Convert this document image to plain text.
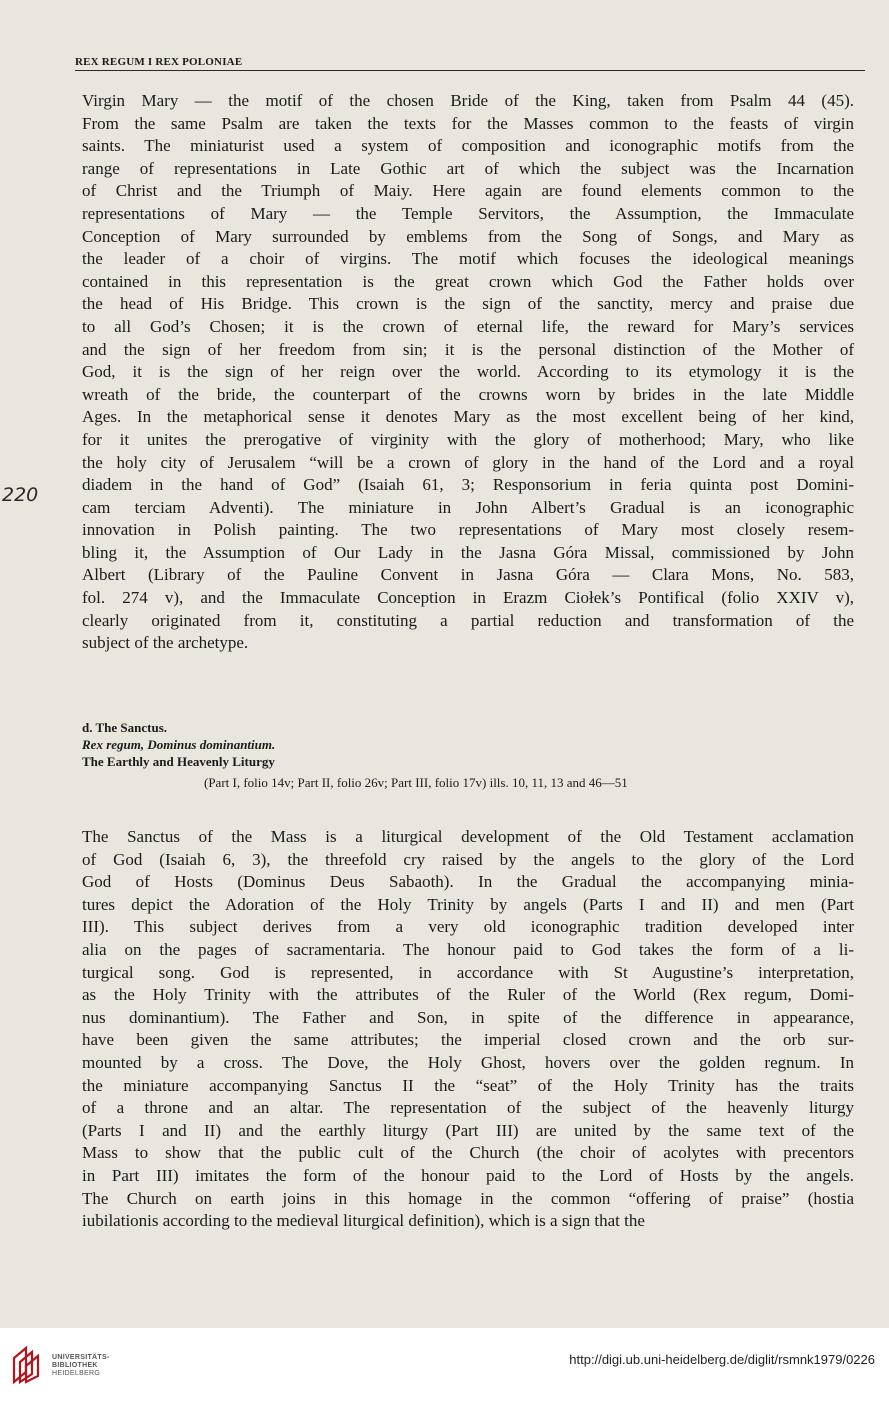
REX REGUM I REX POLONIAE
220
Virgin Mary — the motif of the chosen Bride of the King, taken from Psalm 44 (45).
From the same Psalm are taken the texts for the Masses common to the feasts of virgin
saints. The miniaturist used a system of composition and iconographic motifs from the
range of representations in Late Gothic art of which the subject was the Incarnation
of Christ and the Triumph of Maiy. Here again are found elements common to the
representations of Mary — the Temple Servitors, the Assumption, the Immaculate
Conception of Mary surrounded by emblems from the Song of Songs, and Mary as
the leader of a choir of virgins. The motif which focuses the ideological meanings
contained in this representation is the great crown which God the Father holds over
the head of His Bridge. This crown is the sign of the sanctity, mercy and praise due
to all God’s Chosen; it is the crown of eternal life, the reward for Mary’s services
and the sign of her freedom from sin; it is the personal distinction of the Mother of
God, it is the sign of her reign over the world. According to its etymology it is the
wreath of the bride, the counterpart of the crowns worn by brides in the late Middle
Ages. In the metaphorical sense it denotes Mary as the most excellent being of her kind,
for it unites the prerogative of virginity with the glory of motherhood; Mary, who like
the holy city of Jerusalem “will be a crown of glory in the hand of the Lord and a royal
diadem in the hand of God” (Isaiah 61, 3; Responsorium in feria quinta post Domini-
cam terciam Adventi). The miniature in John Albert’s Gradual is an iconographic
innovation in Polish painting. The two representations of Mary most closely resem-
bling it, the Assumption of Our Lady in the Jasna Góra Missal, commissioned by John
Albert (Library of the Pauline Convent in Jasna Góra — Clara Mons, No. 583,
fol. 274 v), and the Immaculate Conception in Erazm Ciołek’s Pontifical (folio XXIV v),
clearly originated from it, constituting a partial reduction and transformation of the
subject of the archetype.
d. The Sanctus.
Rex regum, Dominus dominantium.
The Earthly and Heavenly Liturgy
(Part I, folio 14v; Part II, folio 26v; Part III, folio 17v) ills. 10, 11, 13 and 46—51
The Sanctus of the Mass is a liturgical development of the Old Testament acclamation
of God (Isaiah 6, 3), the threefold cry raised by the angels to the glory of the Lord
God of Hosts (Dominus Deus Sabaoth). In the Gradual the accompanying minia-
tures depict the Adoration of the Holy Trinity by angels (Parts I and II) and men (Part
III). This subject derives from a very old iconographic tradition developed inter
alia on the pages of sacramentaria. The honour paid to God takes the form of a li-
turgical song. God is represented, in accordance with St Augustine’s interpretation,
as the Holy Trinity with the attributes of the Ruler of the World (Rex regum, Domi-
nus dominantium). The Father and Son, in spite of the difference in appearance,
have been given the same attributes; the imperial closed crown and the orb sur-
mounted by a cross. The Dove, the Holy Ghost, hovers over the golden regnum. In
the miniature accompanying Sanctus II the “seat” of the Holy Trinity has the traits
of a throne and an altar. The representation of the subject of the heavenly liturgy
(Parts I and II) and the earthly liturgy (Part III) are united by the same text of the
Mass to show that the public cult of the Church (the choir of acolytes with precentors
in Part III) imitates the form of the honour paid to the Lord of Hosts by the angels.
The Church on earth joins in this homage in the common “offering of praise” (hostia
iubilationis according to the medieval liturgical definition), which is a sign that the
UNIVERSITÄTS-
BIBLIOTHEK
HEIDELBERG
http://digi.ub.uni-heidelberg.de/diglit/rsmnk1979/0226
